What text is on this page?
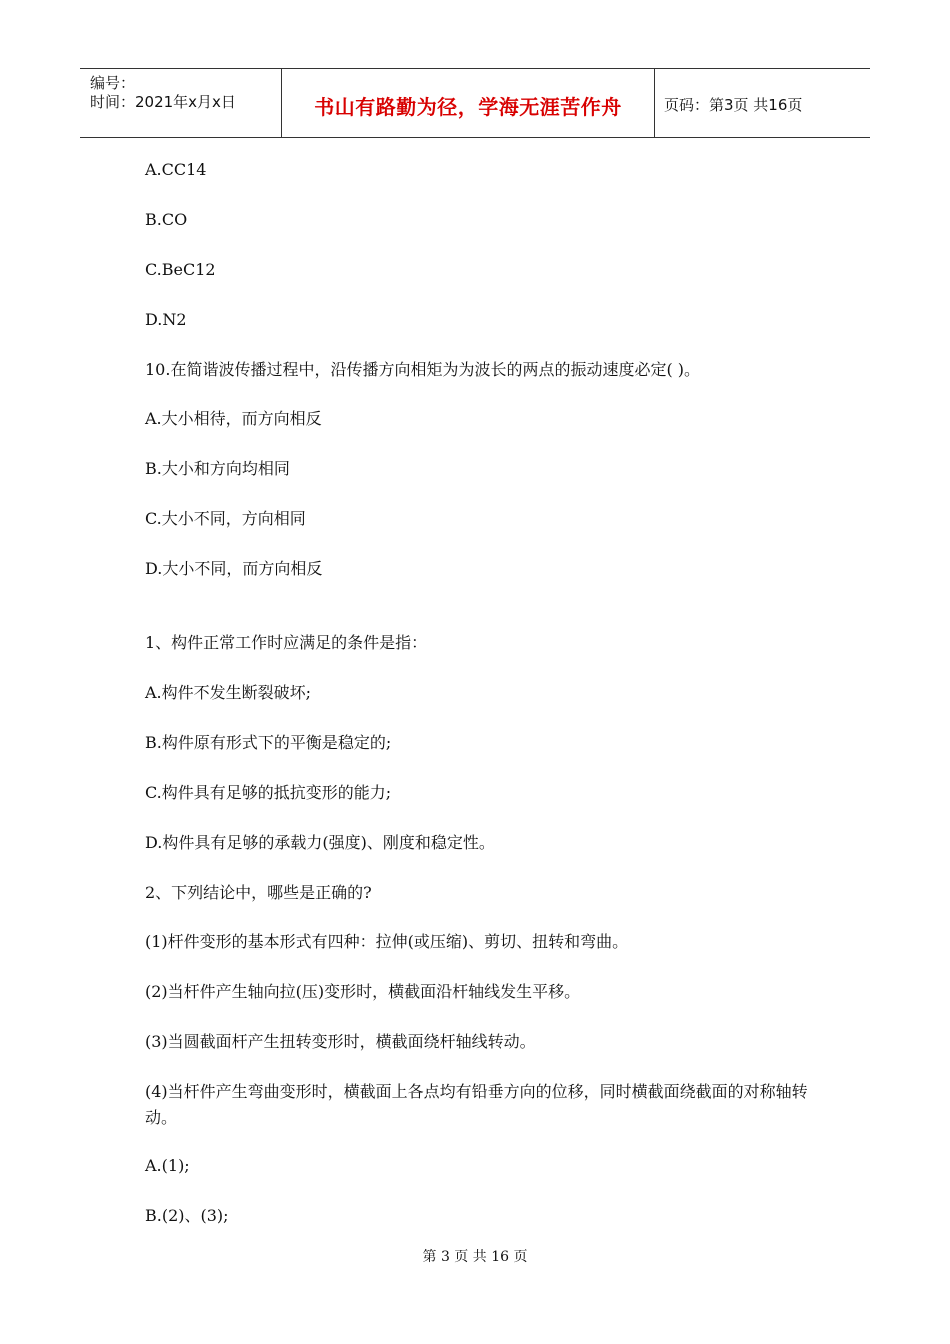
编号：
时间：2021年x月x日	书山有路勤为径，学海无涯苦作舟	页码：第3页 共16页
A.CC14
B.CO
C.BeC12
D.N2
10.在简谐波传播过程中，沿传播方向相矩为为波长的两点的振动速度必定( )。
A.大小相待，而方向相反
B.大小和方向均相同
C.大小不同，方向相同
D.大小不同，而方向相反
1、构件正常工作时应满足的条件是指：
A.构件不发生断裂破坏;
B.构件原有形式下的平衡是稳定的;
C.构件具有足够的抵抗变形的能力;
D.构件具有足够的承载力(强度)、刚度和稳定性。
2、下列结论中，哪些是正确的?
(1)杆件变形的基本形式有四种：拉伸(或压缩)、剪切、扭转和弯曲。
(2)当杆件产生轴向拉(压)变形时，横截面沿杆轴线发生平移。
(3)当圆截面杆产生扭转变形时，横截面绕杆轴线转动。
(4)当杆件产生弯曲变形时，横截面上各点均有铅垂方向的位移，同时横截面绕截面的对称轴转动。
A.(1);
B.(2)、(3);
第 3 页 共 16 页
